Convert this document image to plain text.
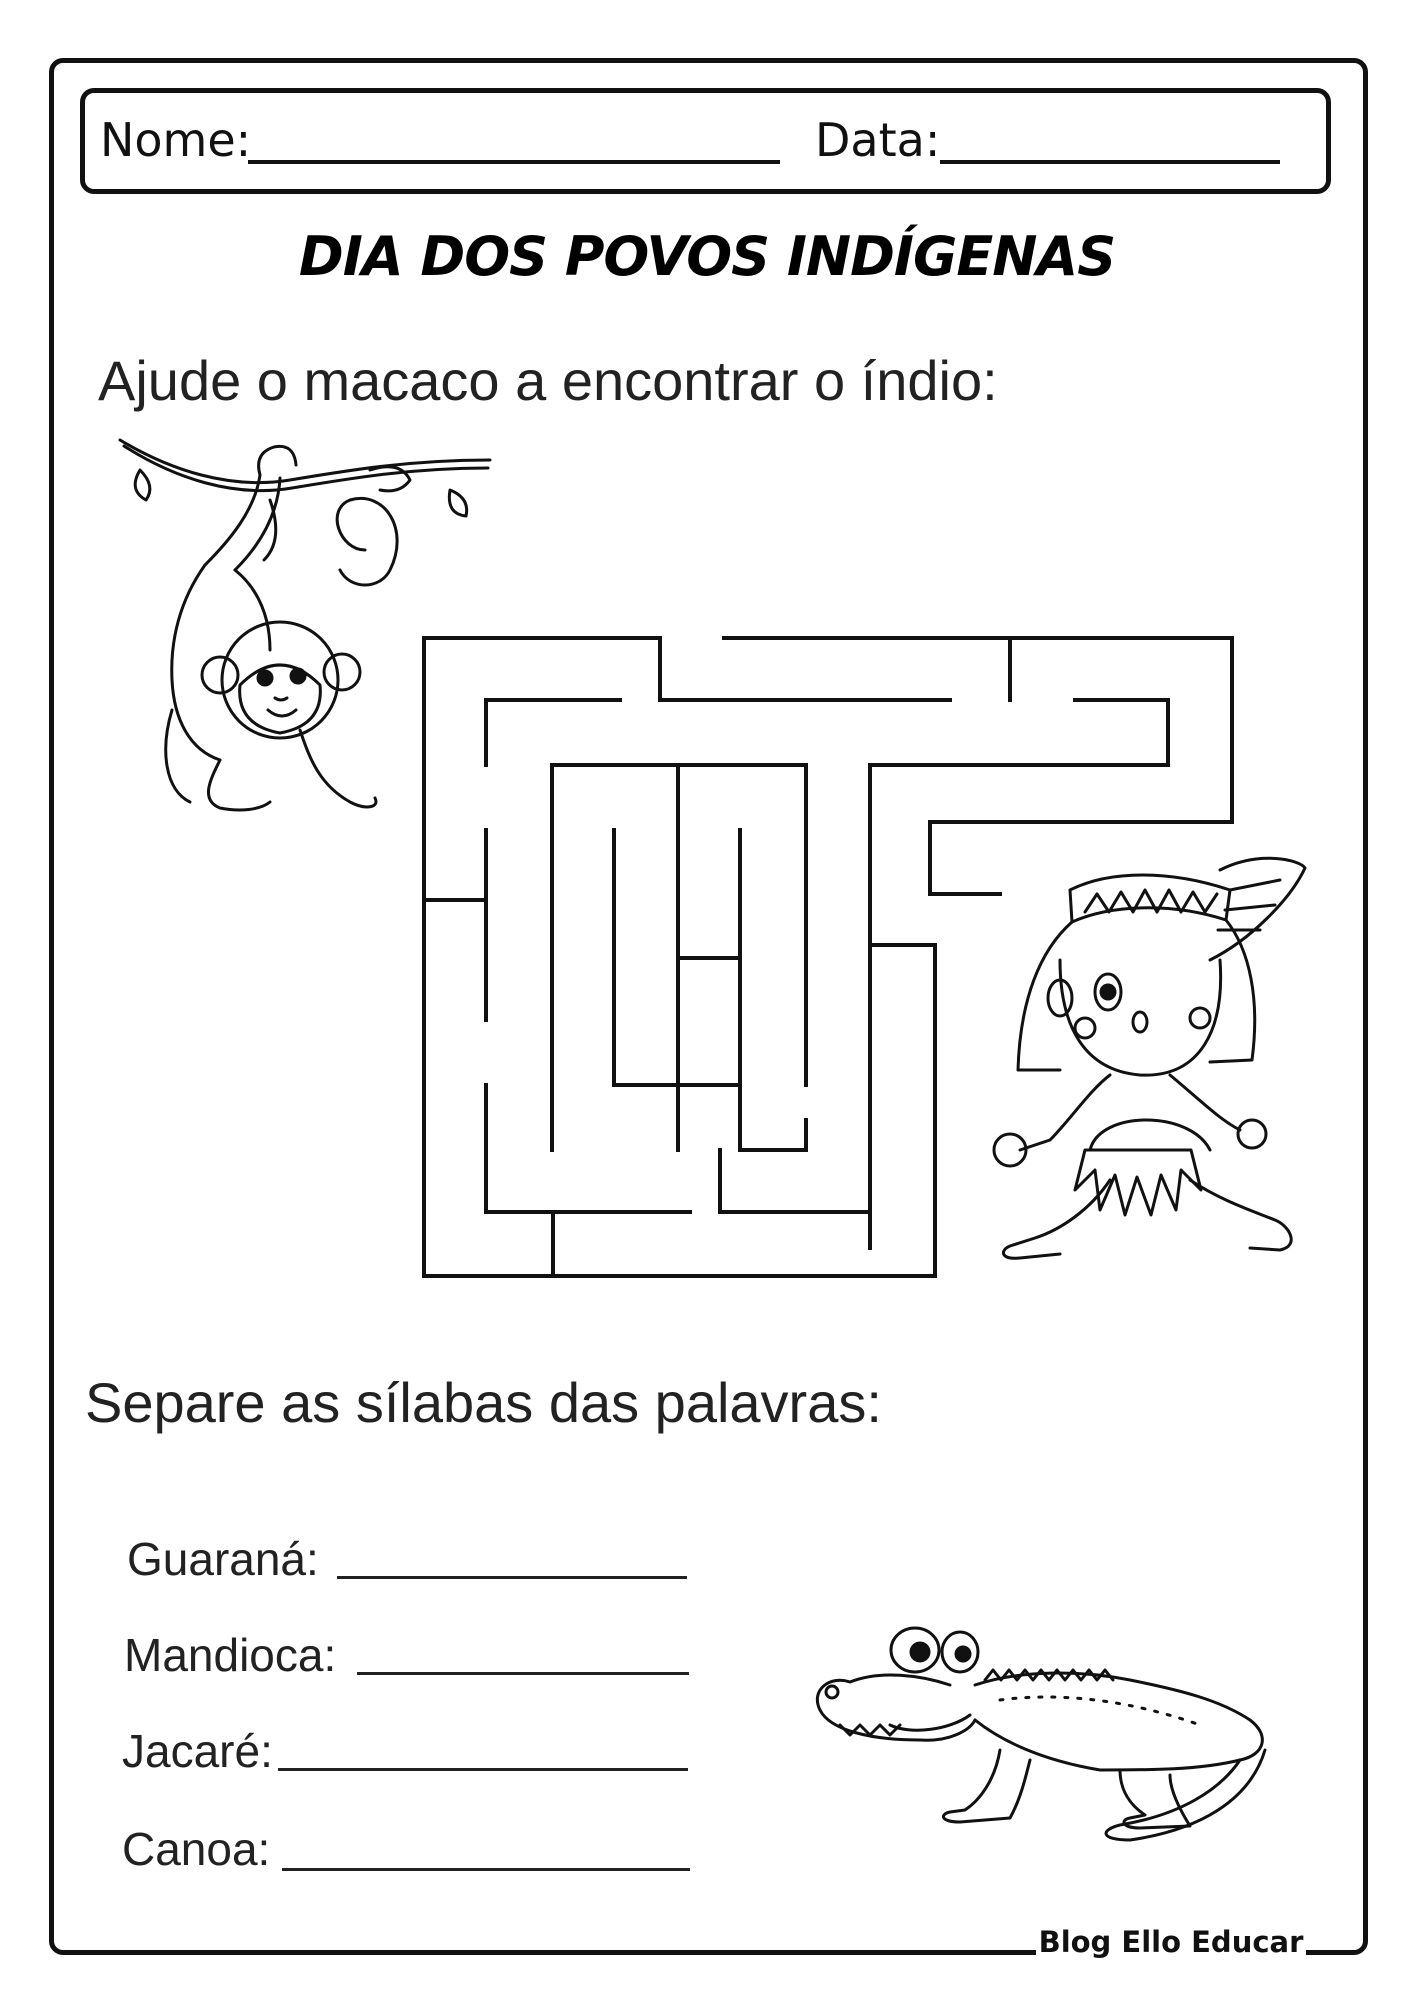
Nome:	Data:
DIA DOS POVOS INDÍGENAS
Ajude o macaco a encontrar o índio:
Separe as sílabas das palavras:
Guaraná:
Mandioca:
Jacaré:
Canoa:
Blog Ello Educar
